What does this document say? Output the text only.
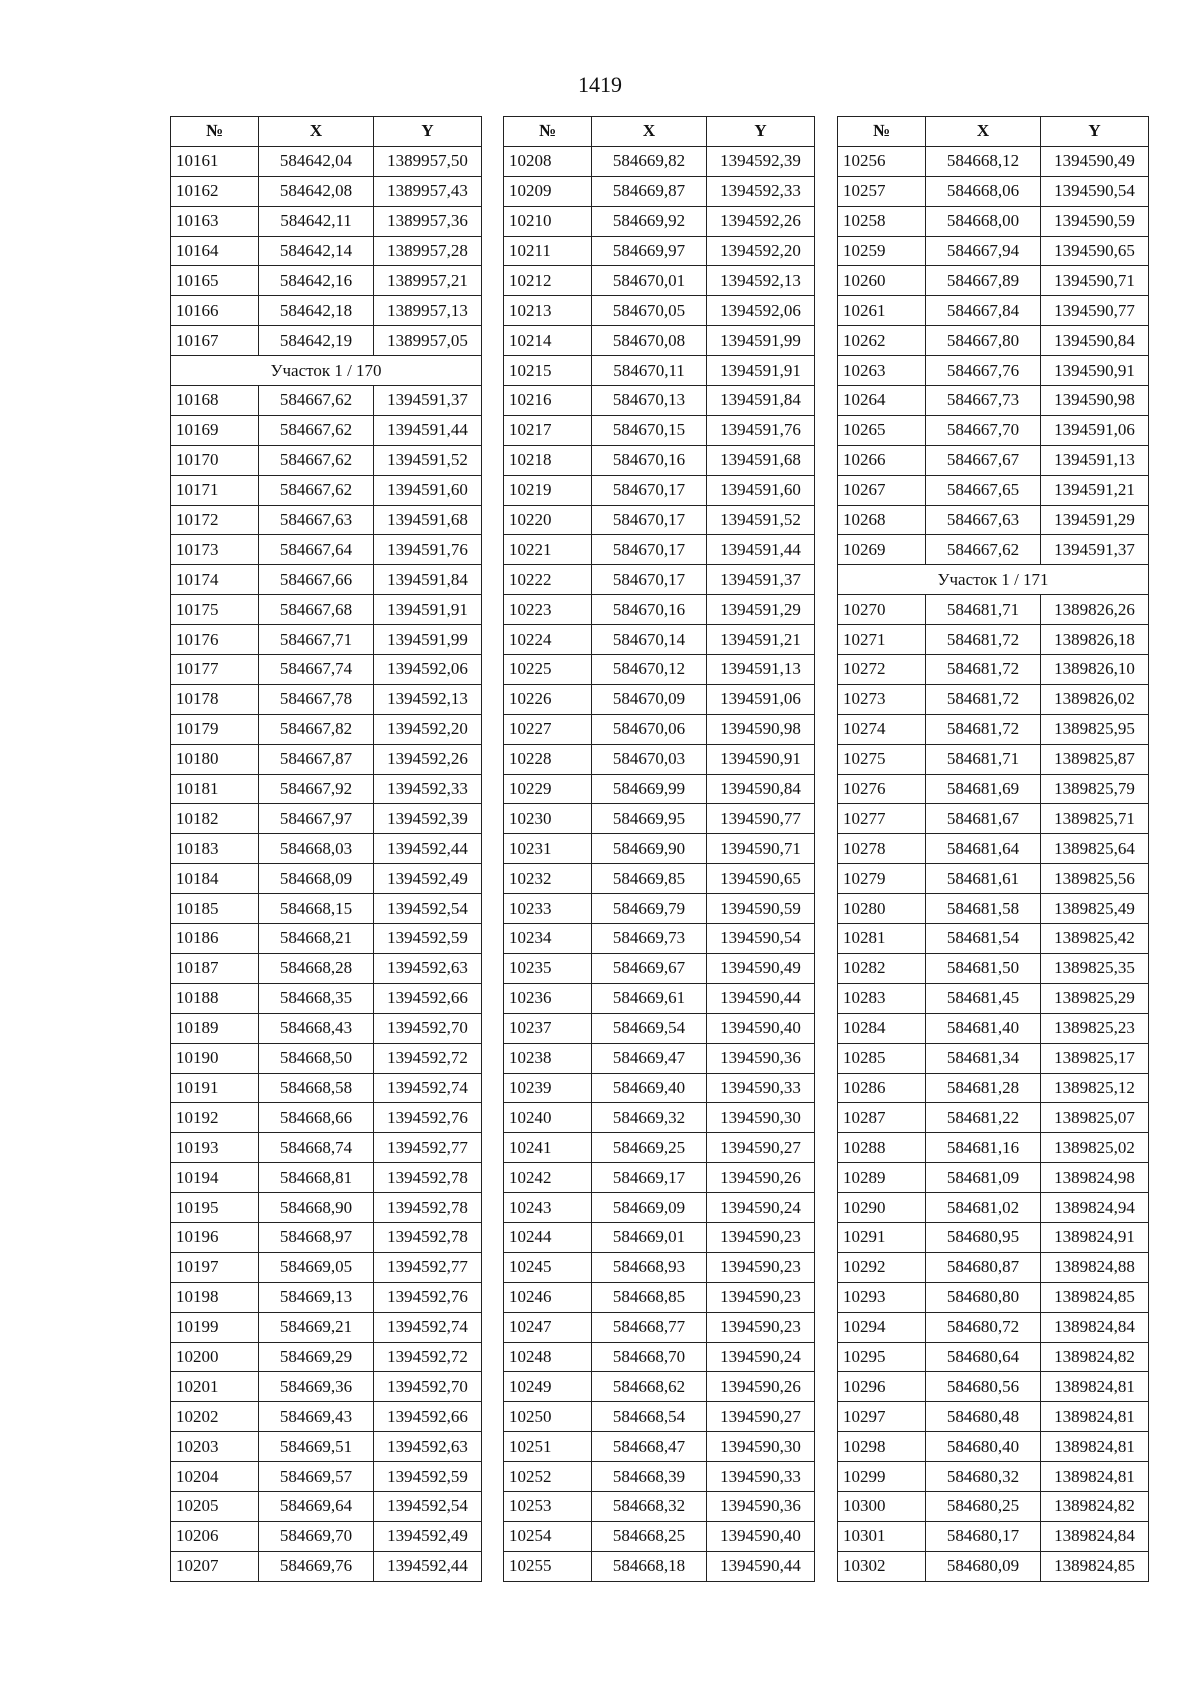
1419
№	X	Y
10161	584642,04	1389957,50
10162	584642,08	1389957,43
10163	584642,11	1389957,36
10164	584642,14	1389957,28
10165	584642,16	1389957,21
10166	584642,18	1389957,13
10167	584642,19	1389957,05
Участок 1 / 170		
10168	584667,62	1394591,37
10169	584667,62	1394591,44
10170	584667,62	1394591,52
10171	584667,62	1394591,60
10172	584667,63	1394591,68
10173	584667,64	1394591,76
10174	584667,66	1394591,84
10175	584667,68	1394591,91
10176	584667,71	1394591,99
10177	584667,74	1394592,06
10178	584667,78	1394592,13
10179	584667,82	1394592,20
10180	584667,87	1394592,26
10181	584667,92	1394592,33
10182	584667,97	1394592,39
10183	584668,03	1394592,44
10184	584668,09	1394592,49
10185	584668,15	1394592,54
10186	584668,21	1394592,59
10187	584668,28	1394592,63
10188	584668,35	1394592,66
10189	584668,43	1394592,70
10190	584668,50	1394592,72
10191	584668,58	1394592,74
10192	584668,66	1394592,76
10193	584668,74	1394592,77
10194	584668,81	1394592,78
10195	584668,90	1394592,78
10196	584668,97	1394592,78
10197	584669,05	1394592,77
10198	584669,13	1394592,76
10199	584669,21	1394592,74
10200	584669,29	1394592,72
10201	584669,36	1394592,70
10202	584669,43	1394592,66
10203	584669,51	1394592,63
10204	584669,57	1394592,59
10205	584669,64	1394592,54
10206	584669,70	1394592,49
10207	584669,76	1394592,44
№	X	Y
10208	584669,82	1394592,39
10209	584669,87	1394592,33
10210	584669,92	1394592,26
10211	584669,97	1394592,20
10212	584670,01	1394592,13
10213	584670,05	1394592,06
10214	584670,08	1394591,99
10215	584670,11	1394591,91
10216	584670,13	1394591,84
10217	584670,15	1394591,76
10218	584670,16	1394591,68
10219	584670,17	1394591,60
10220	584670,17	1394591,52
10221	584670,17	1394591,44
10222	584670,17	1394591,37
10223	584670,16	1394591,29
10224	584670,14	1394591,21
10225	584670,12	1394591,13
10226	584670,09	1394591,06
10227	584670,06	1394590,98
10228	584670,03	1394590,91
10229	584669,99	1394590,84
10230	584669,95	1394590,77
10231	584669,90	1394590,71
10232	584669,85	1394590,65
10233	584669,79	1394590,59
10234	584669,73	1394590,54
10235	584669,67	1394590,49
10236	584669,61	1394590,44
10237	584669,54	1394590,40
10238	584669,47	1394590,36
10239	584669,40	1394590,33
10240	584669,32	1394590,30
10241	584669,25	1394590,27
10242	584669,17	1394590,26
10243	584669,09	1394590,24
10244	584669,01	1394590,23
10245	584668,93	1394590,23
10246	584668,85	1394590,23
10247	584668,77	1394590,23
10248	584668,70	1394590,24
10249	584668,62	1394590,26
10250	584668,54	1394590,27
10251	584668,47	1394590,30
10252	584668,39	1394590,33
10253	584668,32	1394590,36
10254	584668,25	1394590,40
10255	584668,18	1394590,44
№	X	Y
10256	584668,12	1394590,49
10257	584668,06	1394590,54
10258	584668,00	1394590,59
10259	584667,94	1394590,65
10260	584667,89	1394590,71
10261	584667,84	1394590,77
10262	584667,80	1394590,84
10263	584667,76	1394590,91
10264	584667,73	1394590,98
10265	584667,70	1394591,06
10266	584667,67	1394591,13
10267	584667,65	1394591,21
10268	584667,63	1394591,29
10269	584667,62	1394591,37
Участок 1 / 171		
10270	584681,71	1389826,26
10271	584681,72	1389826,18
10272	584681,72	1389826,10
10273	584681,72	1389826,02
10274	584681,72	1389825,95
10275	584681,71	1389825,87
10276	584681,69	1389825,79
10277	584681,67	1389825,71
10278	584681,64	1389825,64
10279	584681,61	1389825,56
10280	584681,58	1389825,49
10281	584681,54	1389825,42
10282	584681,50	1389825,35
10283	584681,45	1389825,29
10284	584681,40	1389825,23
10285	584681,34	1389825,17
10286	584681,28	1389825,12
10287	584681,22	1389825,07
10288	584681,16	1389825,02
10289	584681,09	1389824,98
10290	584681,02	1389824,94
10291	584680,95	1389824,91
10292	584680,87	1389824,88
10293	584680,80	1389824,85
10294	584680,72	1389824,84
10295	584680,64	1389824,82
10296	584680,56	1389824,81
10297	584680,48	1389824,81
10298	584680,40	1389824,81
10299	584680,32	1389824,81
10300	584680,25	1389824,82
10301	584680,17	1389824,84
10302	584680,09	1389824,85
